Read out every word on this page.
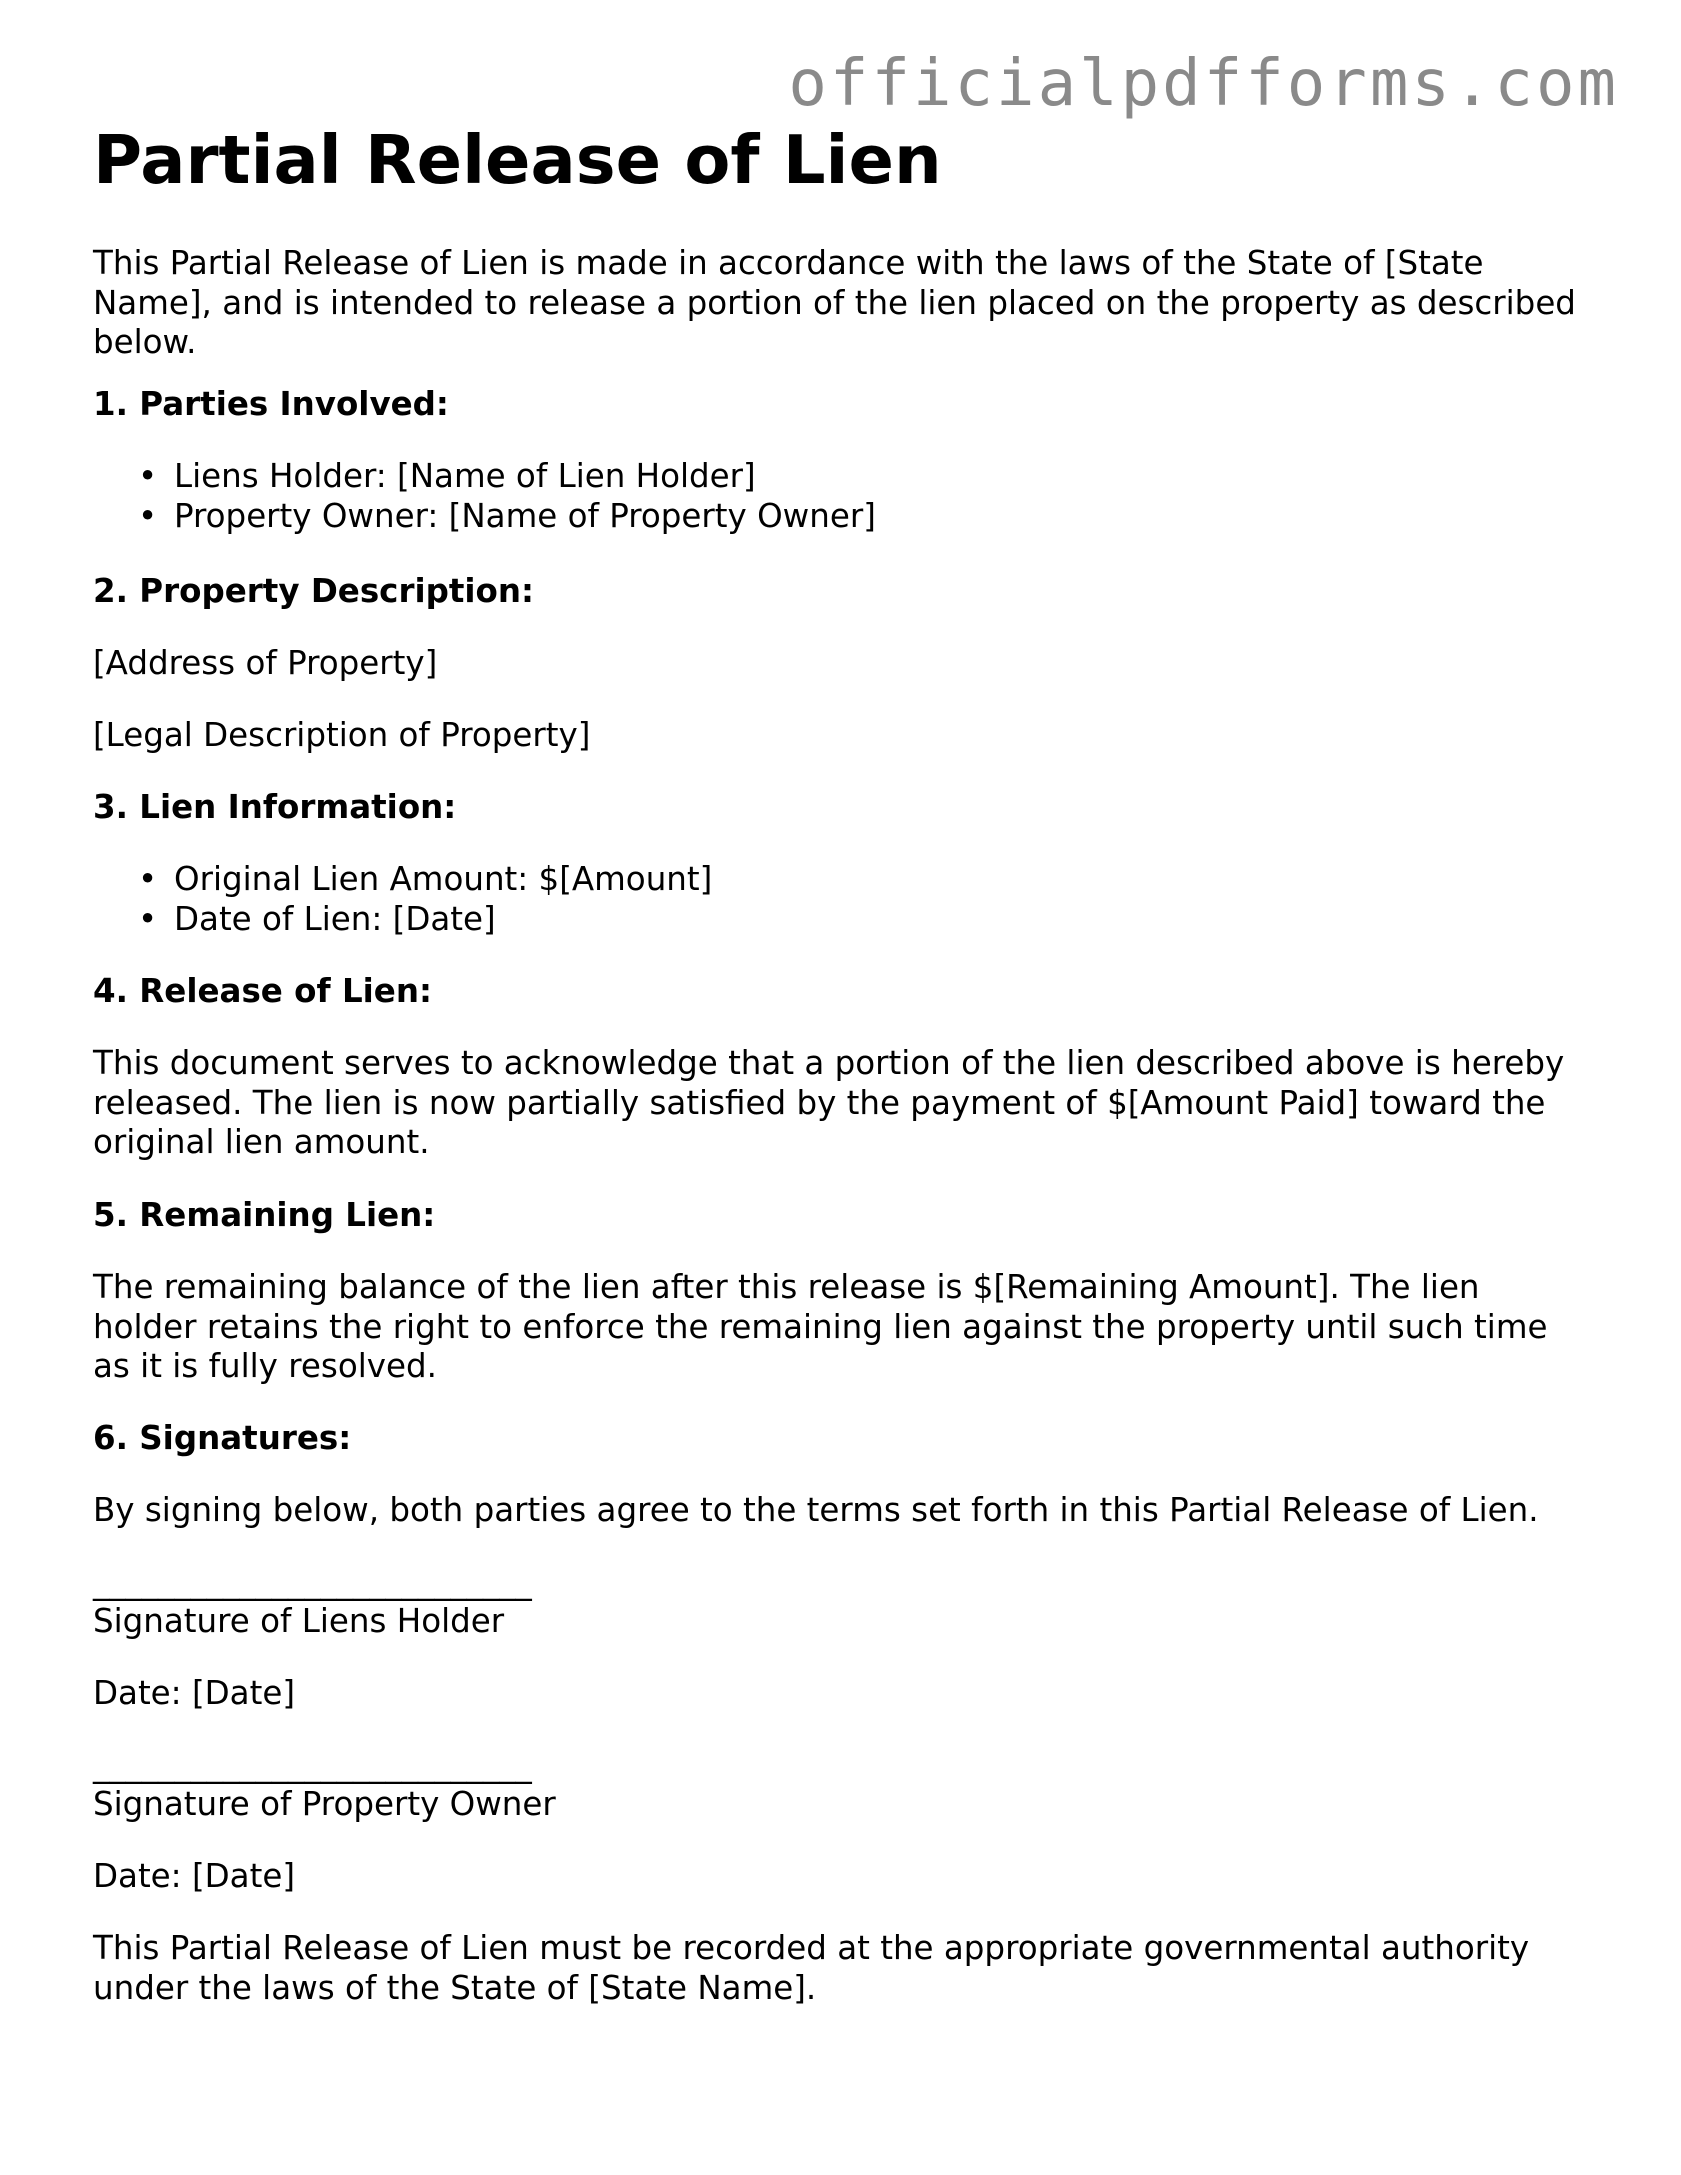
officialpdfforms.com
Partial Release of Lien

This Partial Release of Lien is made in accordance with the laws of the State of [State Name], and is intended to release a portion of the lien placed on the property as described below.

1. Parties Involved:

• Liens Holder: [Name of Lien Holder]
• Property Owner: [Name of Property Owner]

2. Property Description:

[Address of Property]

[Legal Description of Property]

3. Lien Information:

• Original Lien Amount: $[Amount]
• Date of Lien: [Date]

4. Release of Lien:

This document serves to acknowledge that a portion of the lien described above is hereby released. The lien is now partially satisfied by the payment of $[Amount Paid] toward the original lien amount.

5. Remaining Lien:

The remaining balance of the lien after this release is $[Remaining Amount]. The lien holder retains the right to enforce the remaining lien against the property until such time as it is fully resolved.

6. Signatures:

By signing below, both parties agree to the terms set forth in this Partial Release of Lien.

___________________________

Signature of Liens Holder

Date: [Date]

___________________________

Signature of Property Owner

Date: [Date]

This Partial Release of Lien must be recorded at the appropriate governmental authority under the laws of the State of [State Name].
